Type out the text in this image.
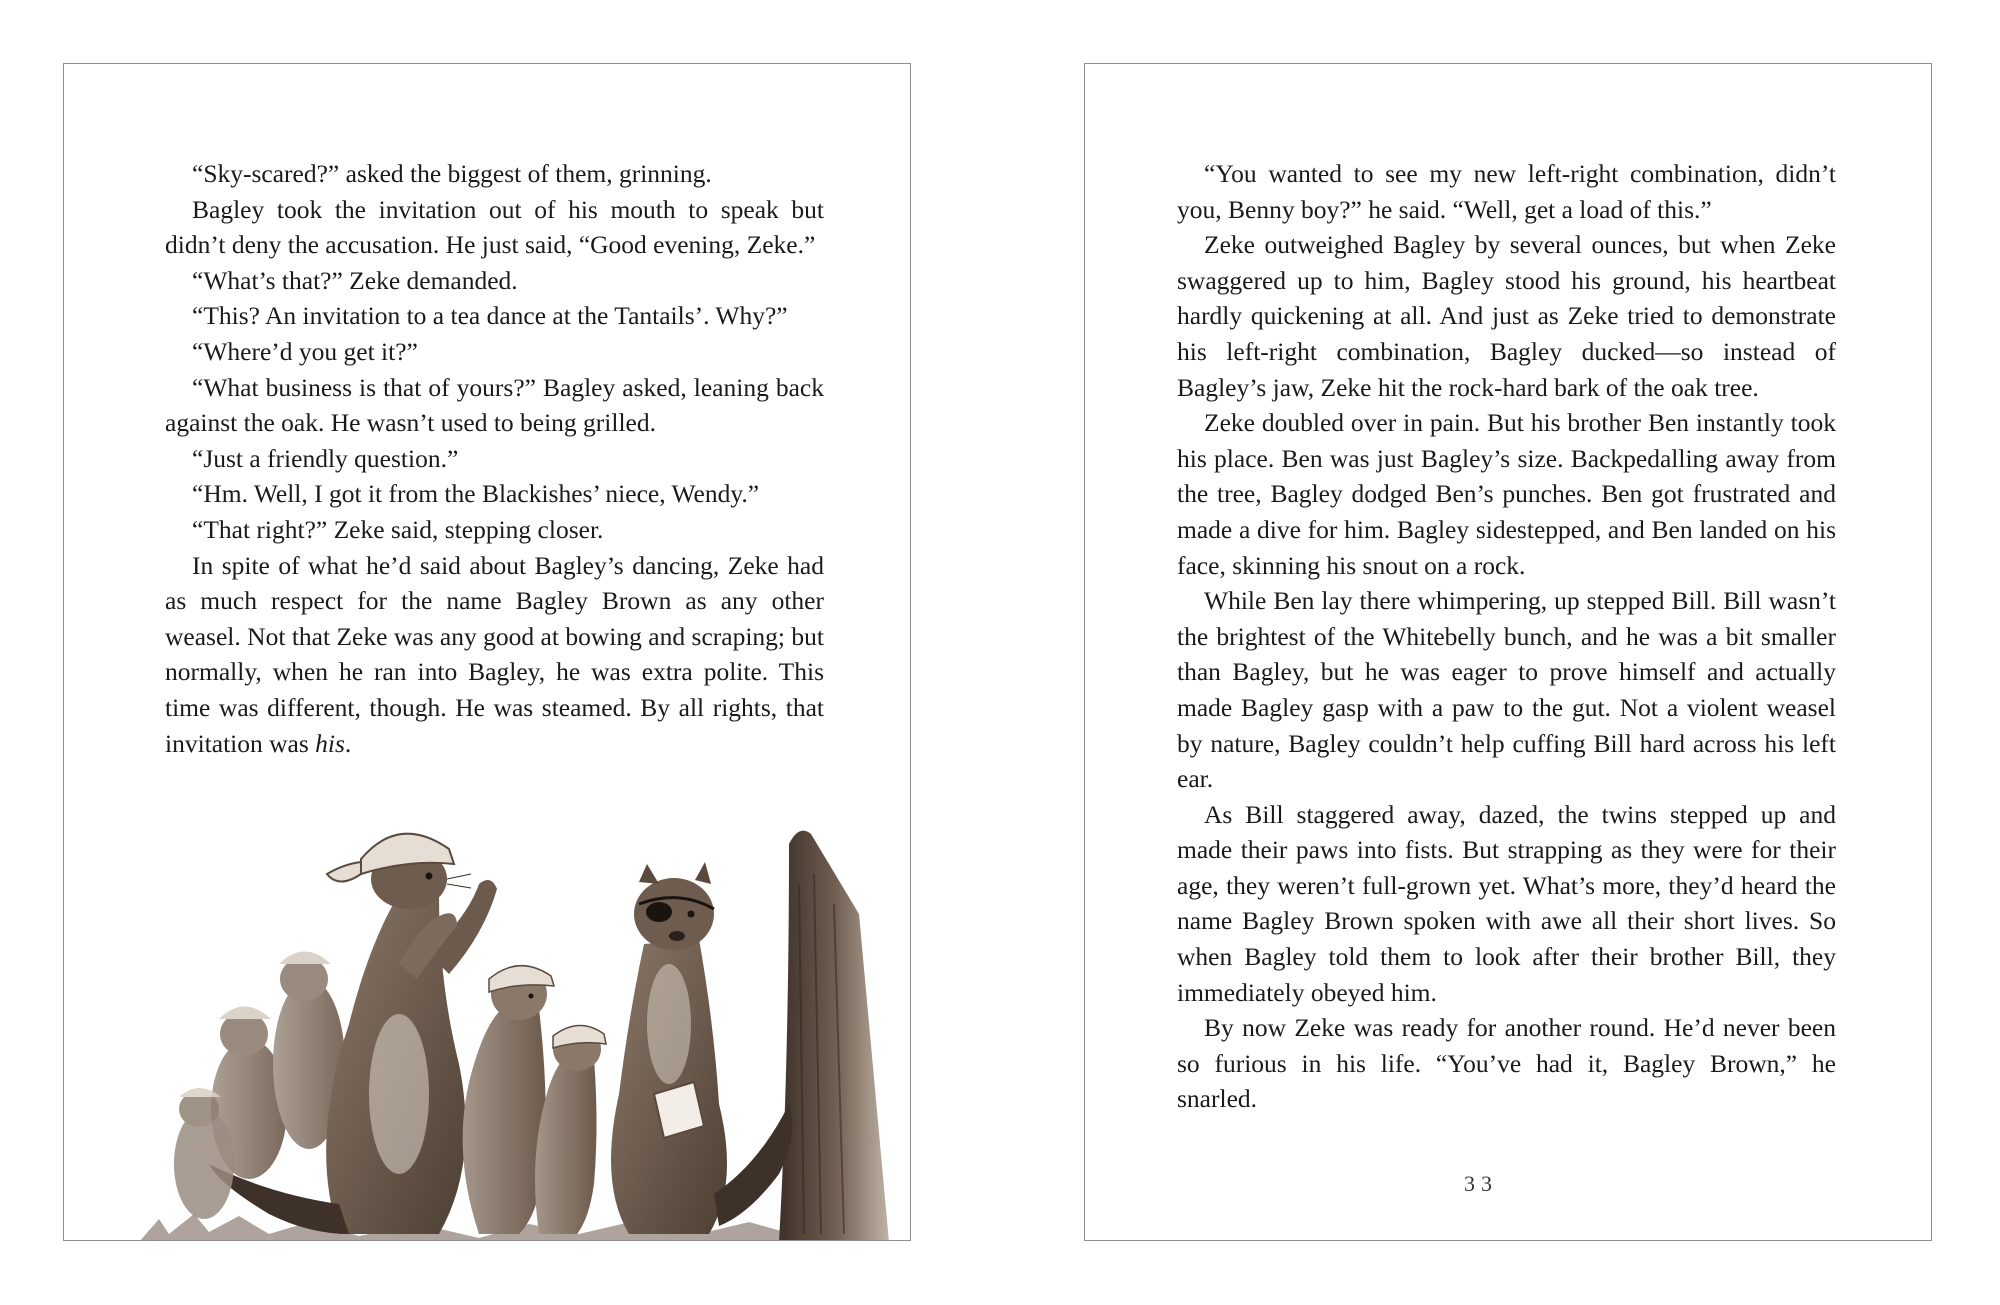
“Sky-scared?” asked the biggest of them, grinning.

Bagley took the invitation out of his mouth to speak but didn’t deny the accusation. He just said, “Good evening, Zeke.”

“What’s that?” Zeke demanded.

“This? An invitation to a tea dance at the Tantails’. Why?”

“Where’d you get it?”

“What business is that of yours?” Bagley asked, leaning back against the oak. He wasn’t used to being grilled.

“Just a friendly question.”

“Hm. Well, I got it from the Blackishes’ niece, Wendy.”

“That right?” Zeke said, stepping closer.

In spite of what he’d said about Bagley’s dancing, Zeke had as much respect for the name Bagley Brown as any other weasel. Not that Zeke was any good at bowing and scraping; but normally, when he ran into Bagley, he was extra polite. This time was different, though. He was steamed. By all rights, that invitation was his.

“You wanted to see my new left-right combination, didn’t you, Benny boy?” he said. “Well, get a load of this.”

Zeke outweighed Bagley by several ounces, but when Zeke swaggered up to him, Bagley stood his ground, his heartbeat hardly quickening at all. And just as Zeke tried to demonstrate his left-right combination, Bagley ducked—so instead of Bagley’s jaw, Zeke hit the rock-hard bark of the oak tree.

Zeke doubled over in pain. But his brother Ben instantly took his place. Ben was just Bagley’s size. Backpedalling away from the tree, Bagley dodged Ben’s punches. Ben got frustrated and made a dive for him. Bagley sidestepped, and Ben landed on his face, skinning his snout on a rock.

While Ben lay there whimpering, up stepped Bill. Bill wasn’t the brightest of the Whitebelly bunch, and he was a bit smaller than Bagley, but he was eager to prove himself and actually made Bagley gasp with a paw to the gut. Not a violent weasel by nature, Bagley couldn’t help cuffing Bill hard across his left ear.

As Bill staggered away, dazed, the twins stepped up and made their paws into fists. But strapping as they were for their age, they weren’t full-grown yet. What’s more, they’d heard the name Bagley Brown spoken with awe all their short lives. So when Bagley told them to look after their brother Bill, they immediately obeyed him.

By now Zeke was ready for another round. He’d never been so furious in his life. “You’ve had it, Bagley Brown,” he snarled.

33
